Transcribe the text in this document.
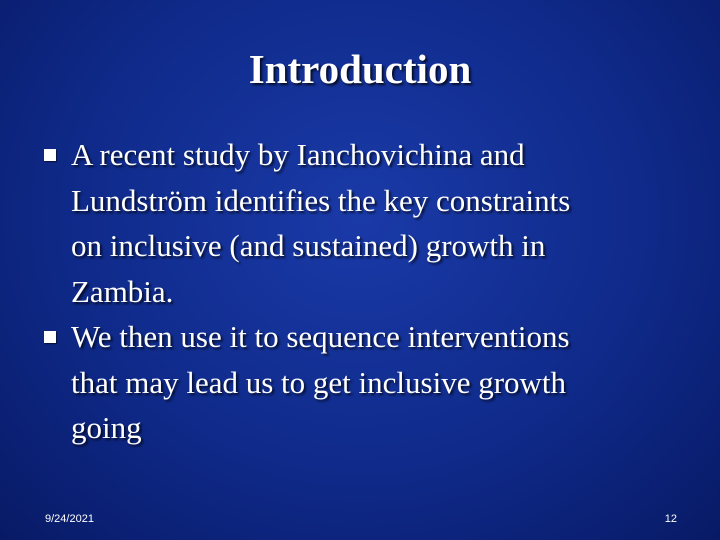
Introduction
A recent study by Ianchovichina and
Lundström identifies the key constraints
on inclusive (and sustained) growth in
Zambia.
We then use it to sequence interventions
that may lead us to get inclusive growth
going
9/24/2021	12
